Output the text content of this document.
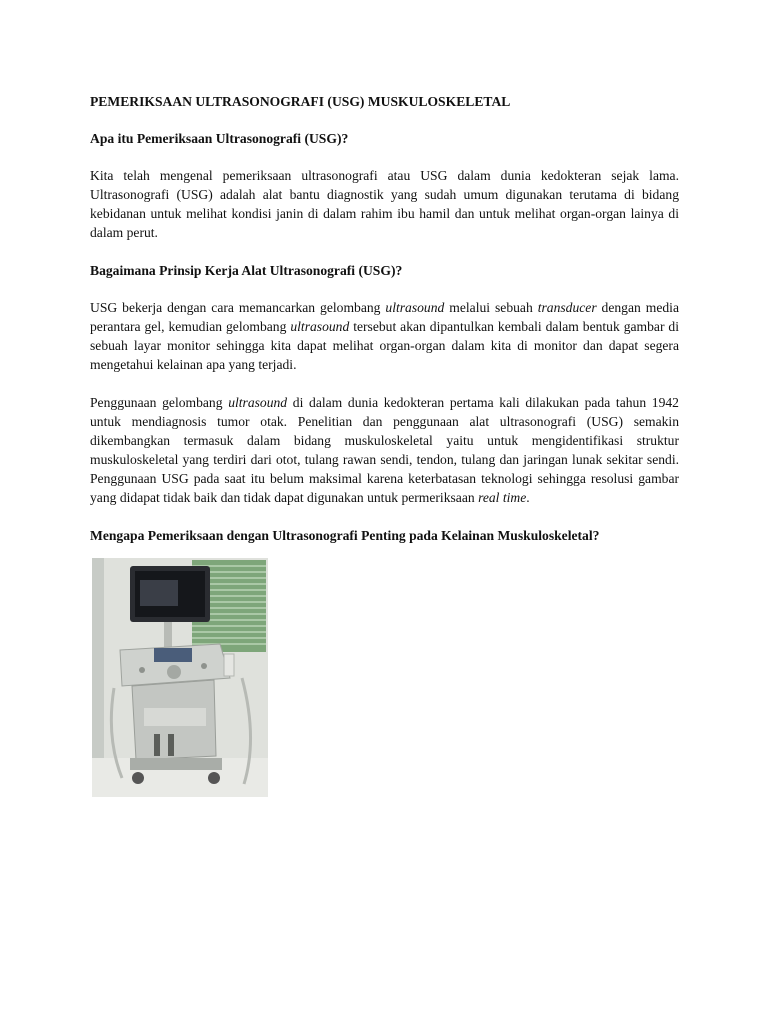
PEMERIKSAAN ULTRASONOGRAFI (USG) MUSKULOSKELETAL
Apa itu Pemeriksaan Ultrasonografi (USG)?

Kita telah mengenal pemeriksaan ultrasonografi atau USG dalam dunia kedokteran sejak lama. Ultrasonografi (USG) adalah alat bantu diagnostik yang sudah umum digunakan terutama di bidang kebidanan untuk melihat kondisi janin di dalam rahim ibu hamil dan untuk melihat organ-organ lainya di dalam perut.

Bagaimana Prinsip Kerja Alat Ultrasonografi (USG)?

USG bekerja dengan cara memancarkan gelombang ultrasound melalui sebuah transducer dengan media perantara gel, kemudian gelombang ultrasound tersebut akan dipantulkan kembali dalam bentuk gambar di sebuah layar monitor sehingga kita dapat melihat organ-organ dalam kita di monitor dan dapat segera mengetahui kelainan apa yang terjadi.

Penggunaan gelombang ultrasound di dalam dunia kedokteran pertama kali dilakukan pada tahun 1942 untuk mendiagnosis tumor otak. Penelitian dan penggunaan alat ultrasonografi (USG) semakin dikembangkan termasuk dalam bidang muskuloskeletal yaitu untuk mengidentifikasi struktur muskuloskeletal yang terdiri dari otot, tulang rawan sendi, tendon, tulang dan jaringan lunak sekitar sendi. Penggunaan USG pada saat itu belum maksimal karena keterbatasan teknologi sehingga resolusi gambar yang didapat tidak baik dan tidak dapat digunakan untuk permeriksaan real time.

Mengapa Pemeriksaan dengan Ultrasonografi Penting pada Kelainan Muskuloskeletal?
